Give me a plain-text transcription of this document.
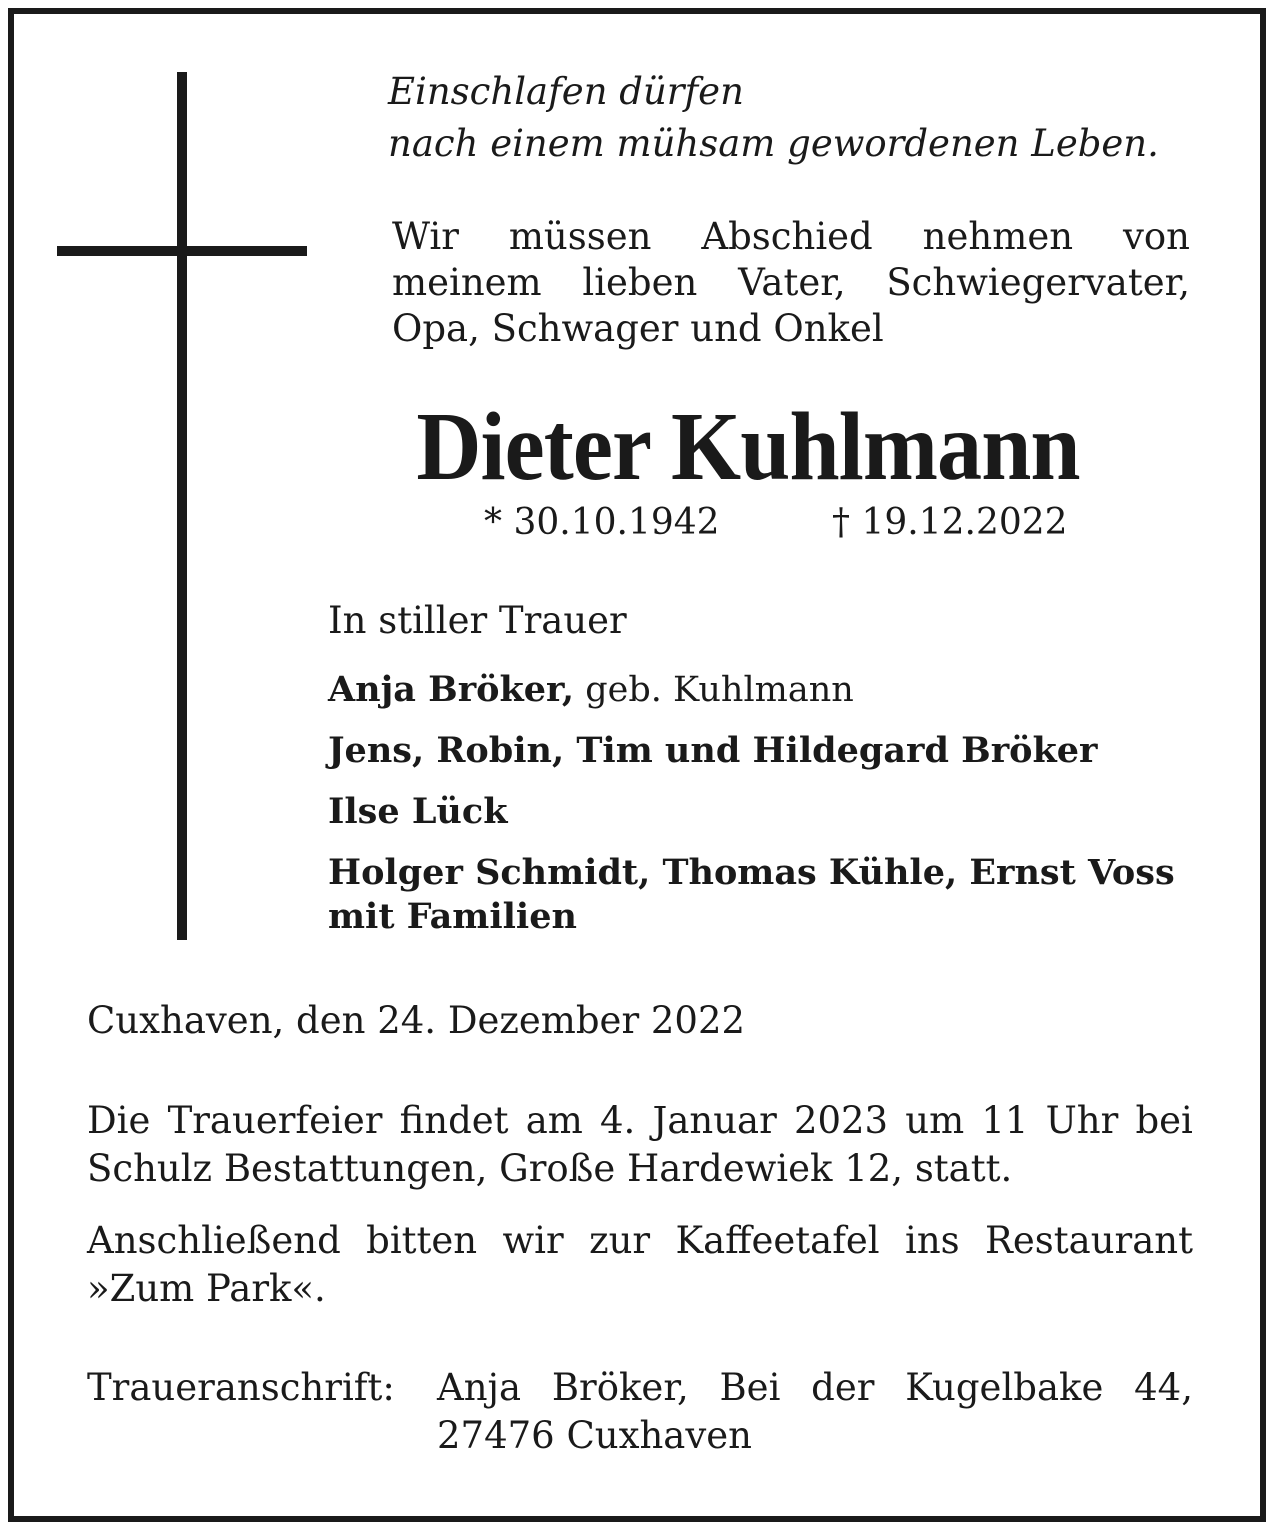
Einschlafen dürfen
nach einem mühsam gewordenen Leben.
Wir müssen Abschied nehmen von
meinem lieben Vater, Schwiegervater,
Opa, Schwager und Onkel
Dieter Kuhlmann
* 30.10.1942	† 19.12.2022
In stiller Trauer
Anja Bröker, geb. Kuhlmann
Jens, Robin, Tim und Hildegard Bröker
Ilse Lück
Holger Schmidt, Thomas Kühle, Ernst Voss
mit Familien
Cuxhaven, den 24. Dezember 2022
Die Trauerfeier findet am 4. Januar 2023 um 11 Uhr bei
Schulz Bestattungen, Große Hardewiek 12, statt.
Anschließend bitten wir zur Kaffeetafel ins Restaurant
»Zum Park«.
Traueranschrift:	Anja Bröker, Bei der Kugelbake 44,
27476 Cuxhaven
